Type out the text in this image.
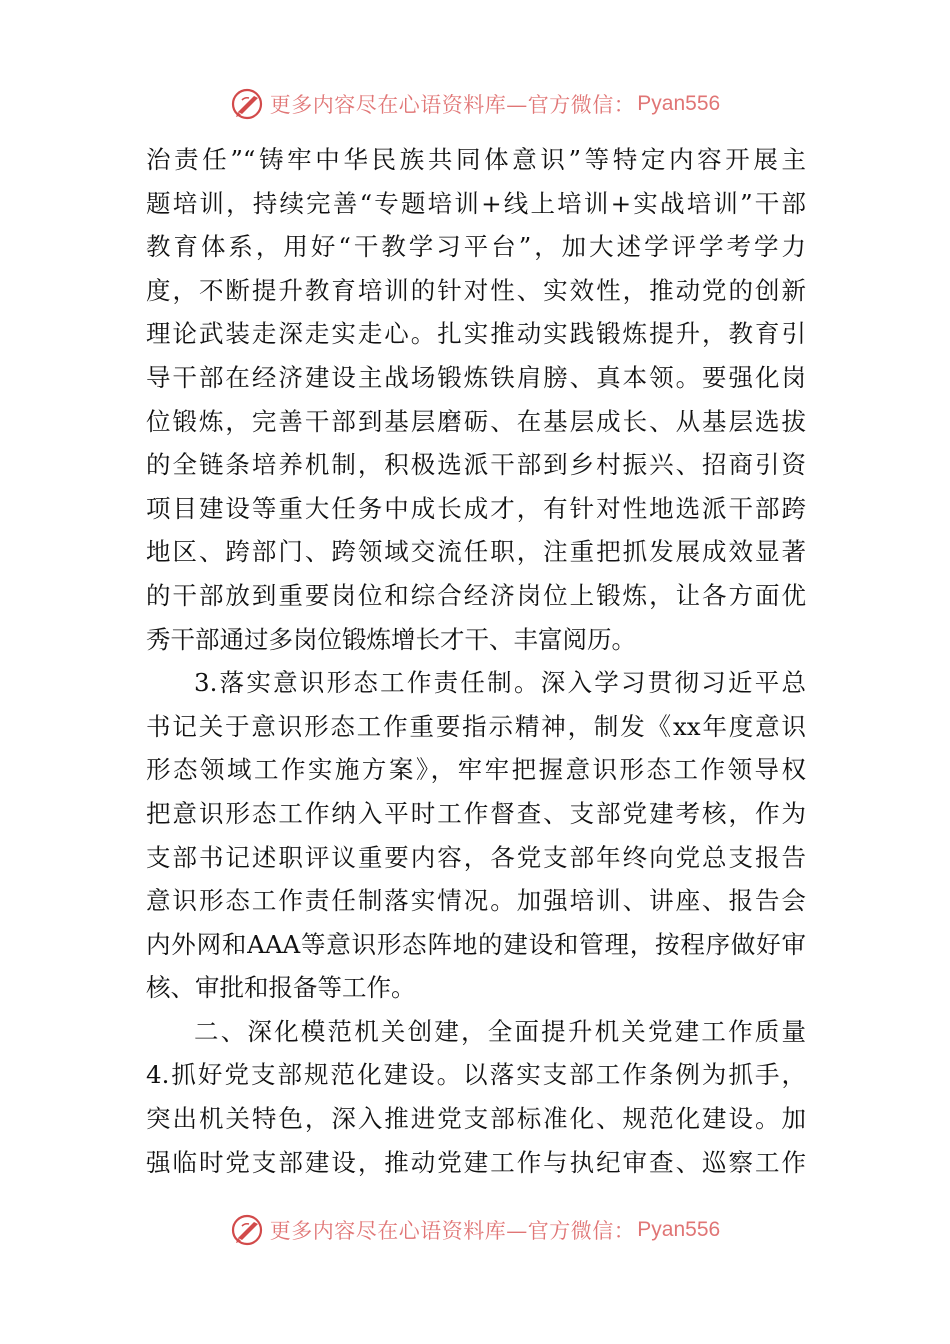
更多内容尽在心语资料库—官方微信： Pyan556
治责任”“铸牢中华民族共同体意识”等特定内容开展主
题培训，持续完善“专题培训+线上培训+实战培训”干部
教育体系，用好“干教学习平台”，加大述学评学考学力
度，不断提升教育培训的针对性、实效性，推动党的创新
理论武装走深走实走心。扎实推动实践锻炼提升，教育引
导干部在经济建设主战场锻炼铁肩膀、真本领。要强化岗
位锻炼，完善干部到基层磨砺、在基层成长、从基层选拔
的全链条培养机制，积极选派干部到乡村振兴、招商引资
项目建设等重大任务中成长成才，有针对性地选派干部跨
地区、跨部门、跨领域交流任职，注重把抓发展成效显著
的干部放到重要岗位和综合经济岗位上锻炼，让各方面优
秀干部通过多岗位锻炼增长才干、丰富阅历。
3.落实意识形态工作责任制。深入学习贯彻习近平总
书记关于意识形态工作重要指示精神，制发《xx年度意识
形态领域工作实施方案》，牢牢把握意识形态工作领导权
把意识形态工作纳入平时工作督查、支部党建考核，作为
支部书记述职评议重要内容，各党支部年终向党总支报告
意识形态工作责任制落实情况。加强培训、讲座、报告会
内外网和AAA等意识形态阵地的建设和管理，按程序做好审
核、审批和报备等工作。
二、深化模范机关创建，全面提升机关党建工作质量
4.抓好党支部规范化建设。以落实支部工作条例为抓手，
突出机关特色，深入推进党支部标准化、规范化建设。加
强临时党支部建设，推动党建工作与执纪审查、巡察工作
更多内容尽在心语资料库—官方微信： Pyan556
